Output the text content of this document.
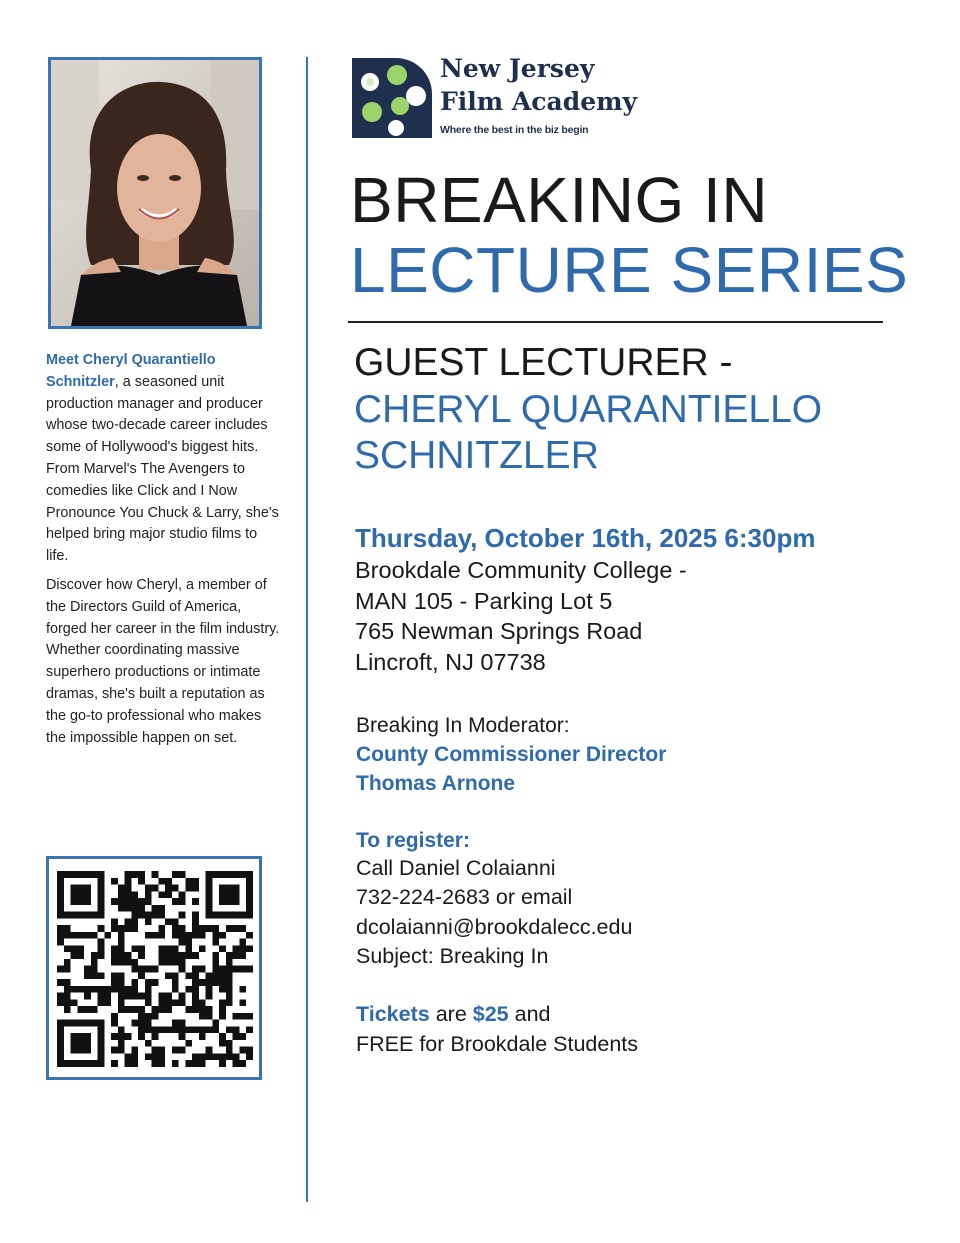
Meet Cheryl Quarantiello Schnitzler, a seasoned unit production manager and producer whose two-decade career includes some of Hollywood's biggest hits. From Marvel's The Avengers to comedies like Click and I Now Pronounce You Chuck & Larry, she's helped bring major studio films to life.

Discover how Cheryl, a member of the Directors Guild of America, forged her career in the film industry. Whether coordinating massive superhero productions or intimate dramas, she's built a reputation as the go-to professional who makes the impossible happen on set.

New Jersey
Film Academy
Where the best in the biz begin
BREAKING IN
LECTURE SERIES
GUEST LECTURER -
CHERYL QUARANTIELLO
SCHNITZLER
Thursday, October 16th, 2025 6:30pm
Brookdale Community College -
MAN 105 - Parking Lot 5
765 Newman Springs Road
Lincroft, NJ 07738
Breaking In Moderator:
County Commissioner Director
Thomas Arnone
To register:
Call Daniel Colaianni
732-224-2683 or email
dcolaianni@brookdalecc.edu
Subject: Breaking In
Tickets are $25 and
FREE for Brookdale Students
